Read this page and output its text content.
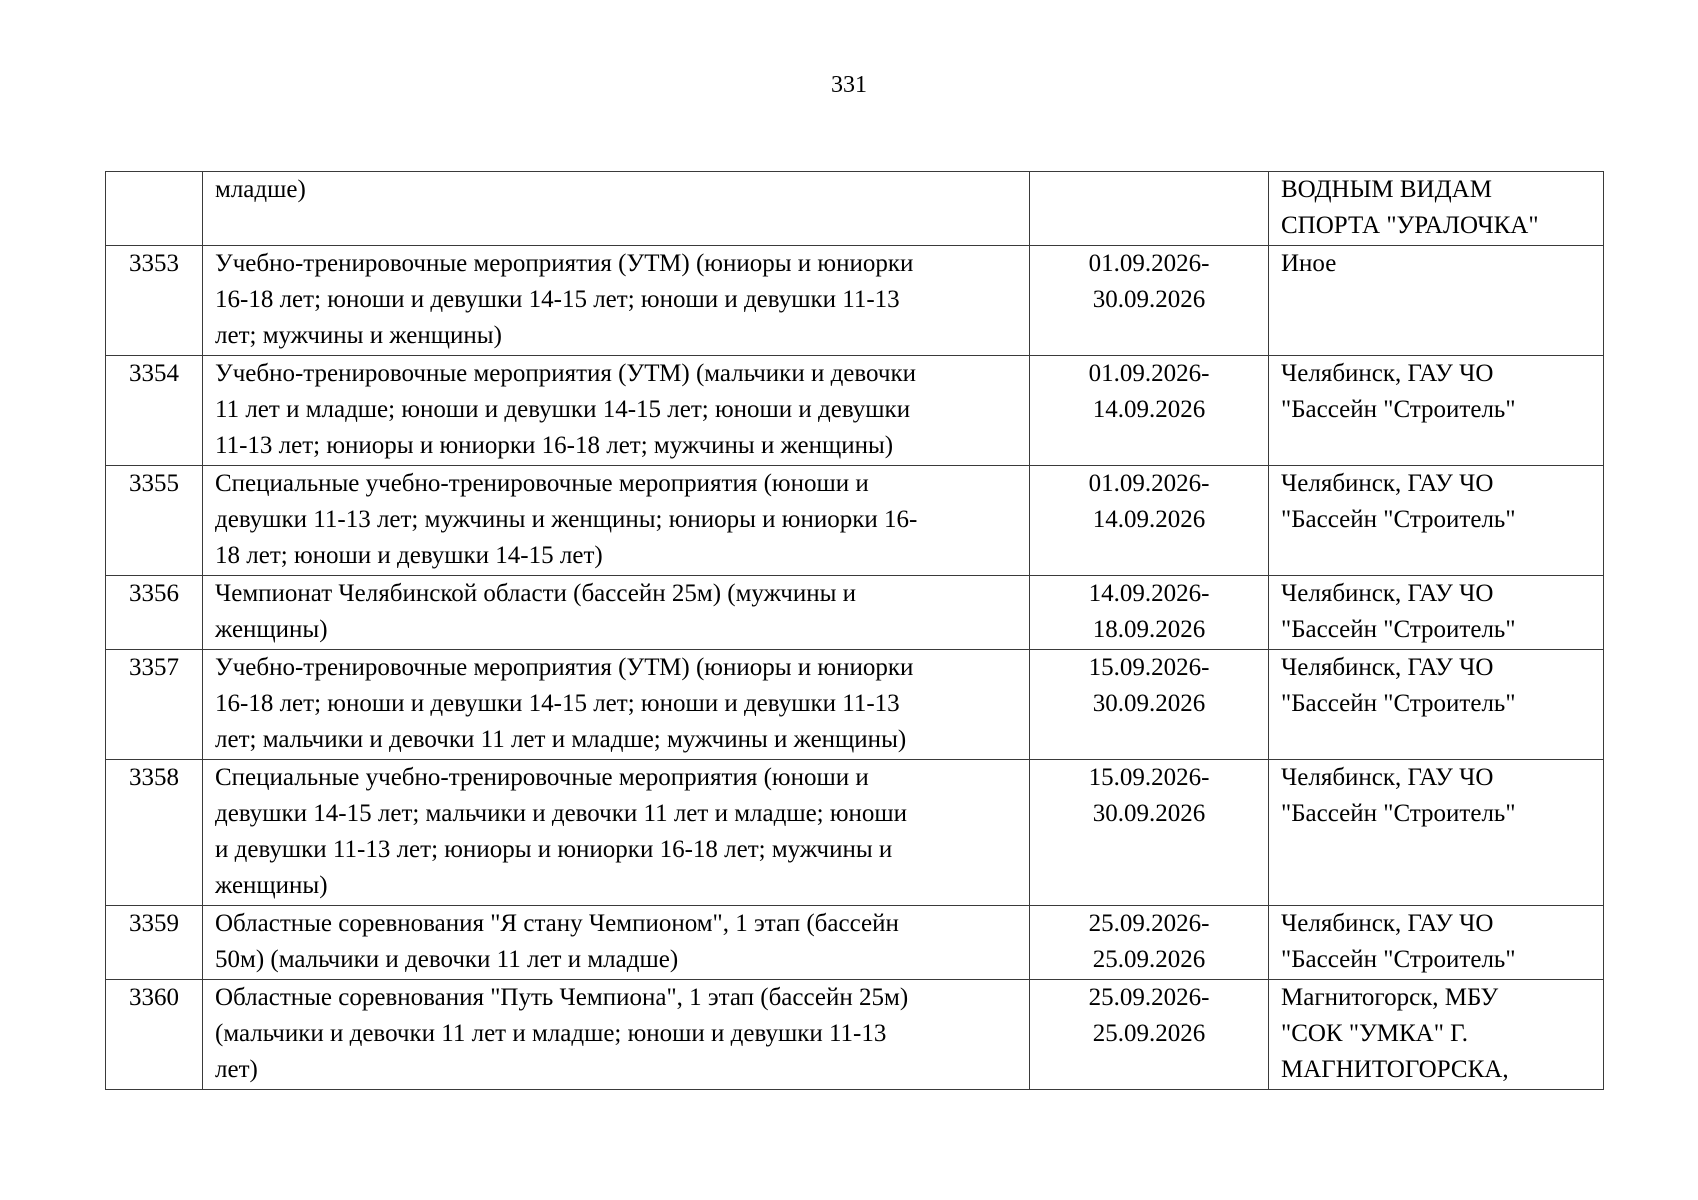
331

	младше)		ВОДНЫМ ВИДАМ
СПОРТА "УРАЛОЧКА"

3353	Учебно-тренировочные мероприятия (УТМ) (юниоры и юниорки
16-18 лет; юноши и девушки 14-15 лет; юноши и девушки 11-13
лет; мужчины и женщины)	01.09.2026-
30.09.2026	Иное

3354	Учебно-тренировочные мероприятия (УТМ) (мальчики и девочки
11 лет и младше; юноши и девушки 14-15 лет; юноши и девушки
11-13 лет; юниоры и юниорки 16-18 лет; мужчины и женщины)	01.09.2026-
14.09.2026	Челябинск, ГАУ ЧО
"Бассейн "Строитель"

3355	Специальные учебно-тренировочные мероприятия (юноши и
девушки 11-13 лет; мужчины и женщины; юниоры и юниорки 16-
18 лет; юноши и девушки 14-15 лет)	01.09.2026-
14.09.2026	Челябинск, ГАУ ЧО
"Бассейн "Строитель"

3356	Чемпионат Челябинской области (бассейн 25м) (мужчины и
женщины)	14.09.2026-
18.09.2026	Челябинск, ГАУ ЧО
"Бассейн "Строитель"

3357	Учебно-тренировочные мероприятия (УТМ) (юниоры и юниорки
16-18 лет; юноши и девушки 14-15 лет; юноши и девушки 11-13
лет; мальчики и девочки 11 лет и младше; мужчины и женщины)	15.09.2026-
30.09.2026	Челябинск, ГАУ ЧО
"Бассейн "Строитель"

3358	Специальные учебно-тренировочные мероприятия (юноши и
девушки 14-15 лет; мальчики и девочки 11 лет и младше; юноши
и девушки 11-13 лет; юниоры и юниорки 16-18 лет; мужчины и
женщины)	15.09.2026-
30.09.2026	Челябинск, ГАУ ЧО
"Бассейн "Строитель"

3359	Областные соревнования "Я стану Чемпионом", 1 этап (бассейн
50м) (мальчики и девочки 11 лет и младше)	25.09.2026-
25.09.2026	Челябинск, ГАУ ЧО
"Бассейн "Строитель"

3360	Областные соревнования "Путь Чемпиона", 1 этап (бассейн 25м)
(мальчики и девочки 11 лет и младше; юноши и девушки 11-13
лет)	25.09.2026-
25.09.2026	Магнитогорск, МБУ
"СОК "УМКА" Г.
МАГНИТОГОРСКА,
